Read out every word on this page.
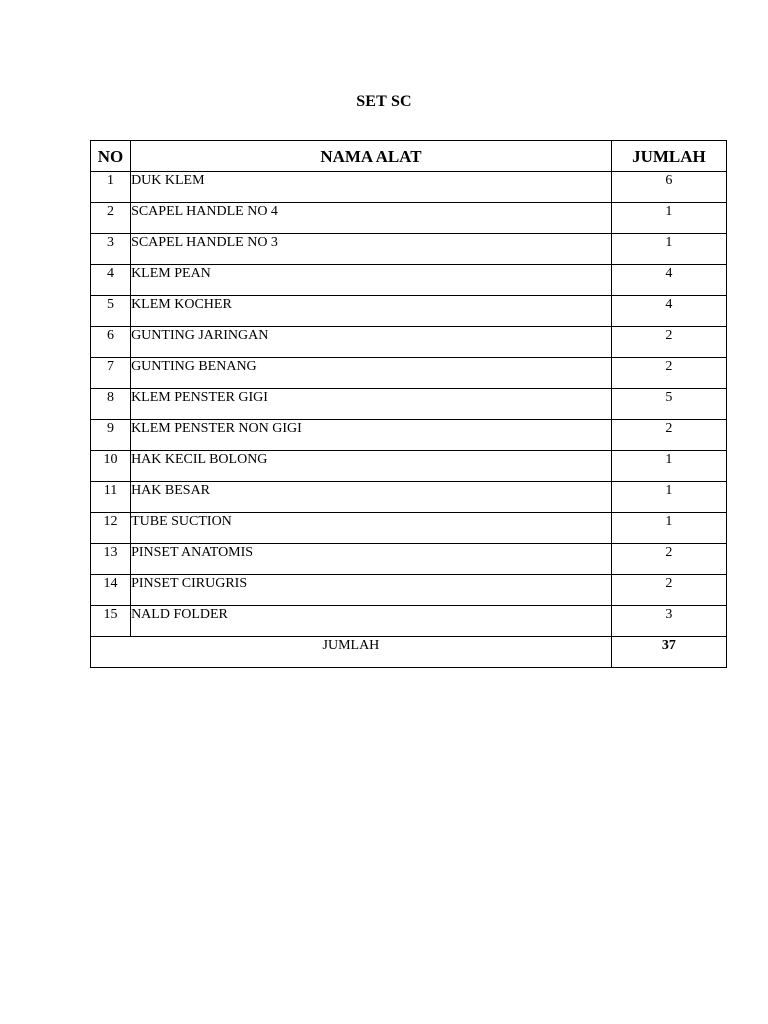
SET SC
NO	NAMA ALAT	JUMLAH
1	DUK KLEM	6
2	SCAPEL HANDLE NO 4	1
3	SCAPEL HANDLE NO 3	1
4	KLEM PEAN	4
5	KLEM KOCHER	4
6	GUNTING JARINGAN	2
7	GUNTING BENANG	2
8	KLEM PENSTER GIGI	5
9	KLEM PENSTER NON GIGI	2
10	HAK KECIL BOLONG	1
11	HAK BESAR	1
12	TUBE SUCTION	1
13	PINSET ANATOMIS	2
14	PINSET CIRUGRIS	2
15	NALD FOLDER	3
JUMLAH		37
